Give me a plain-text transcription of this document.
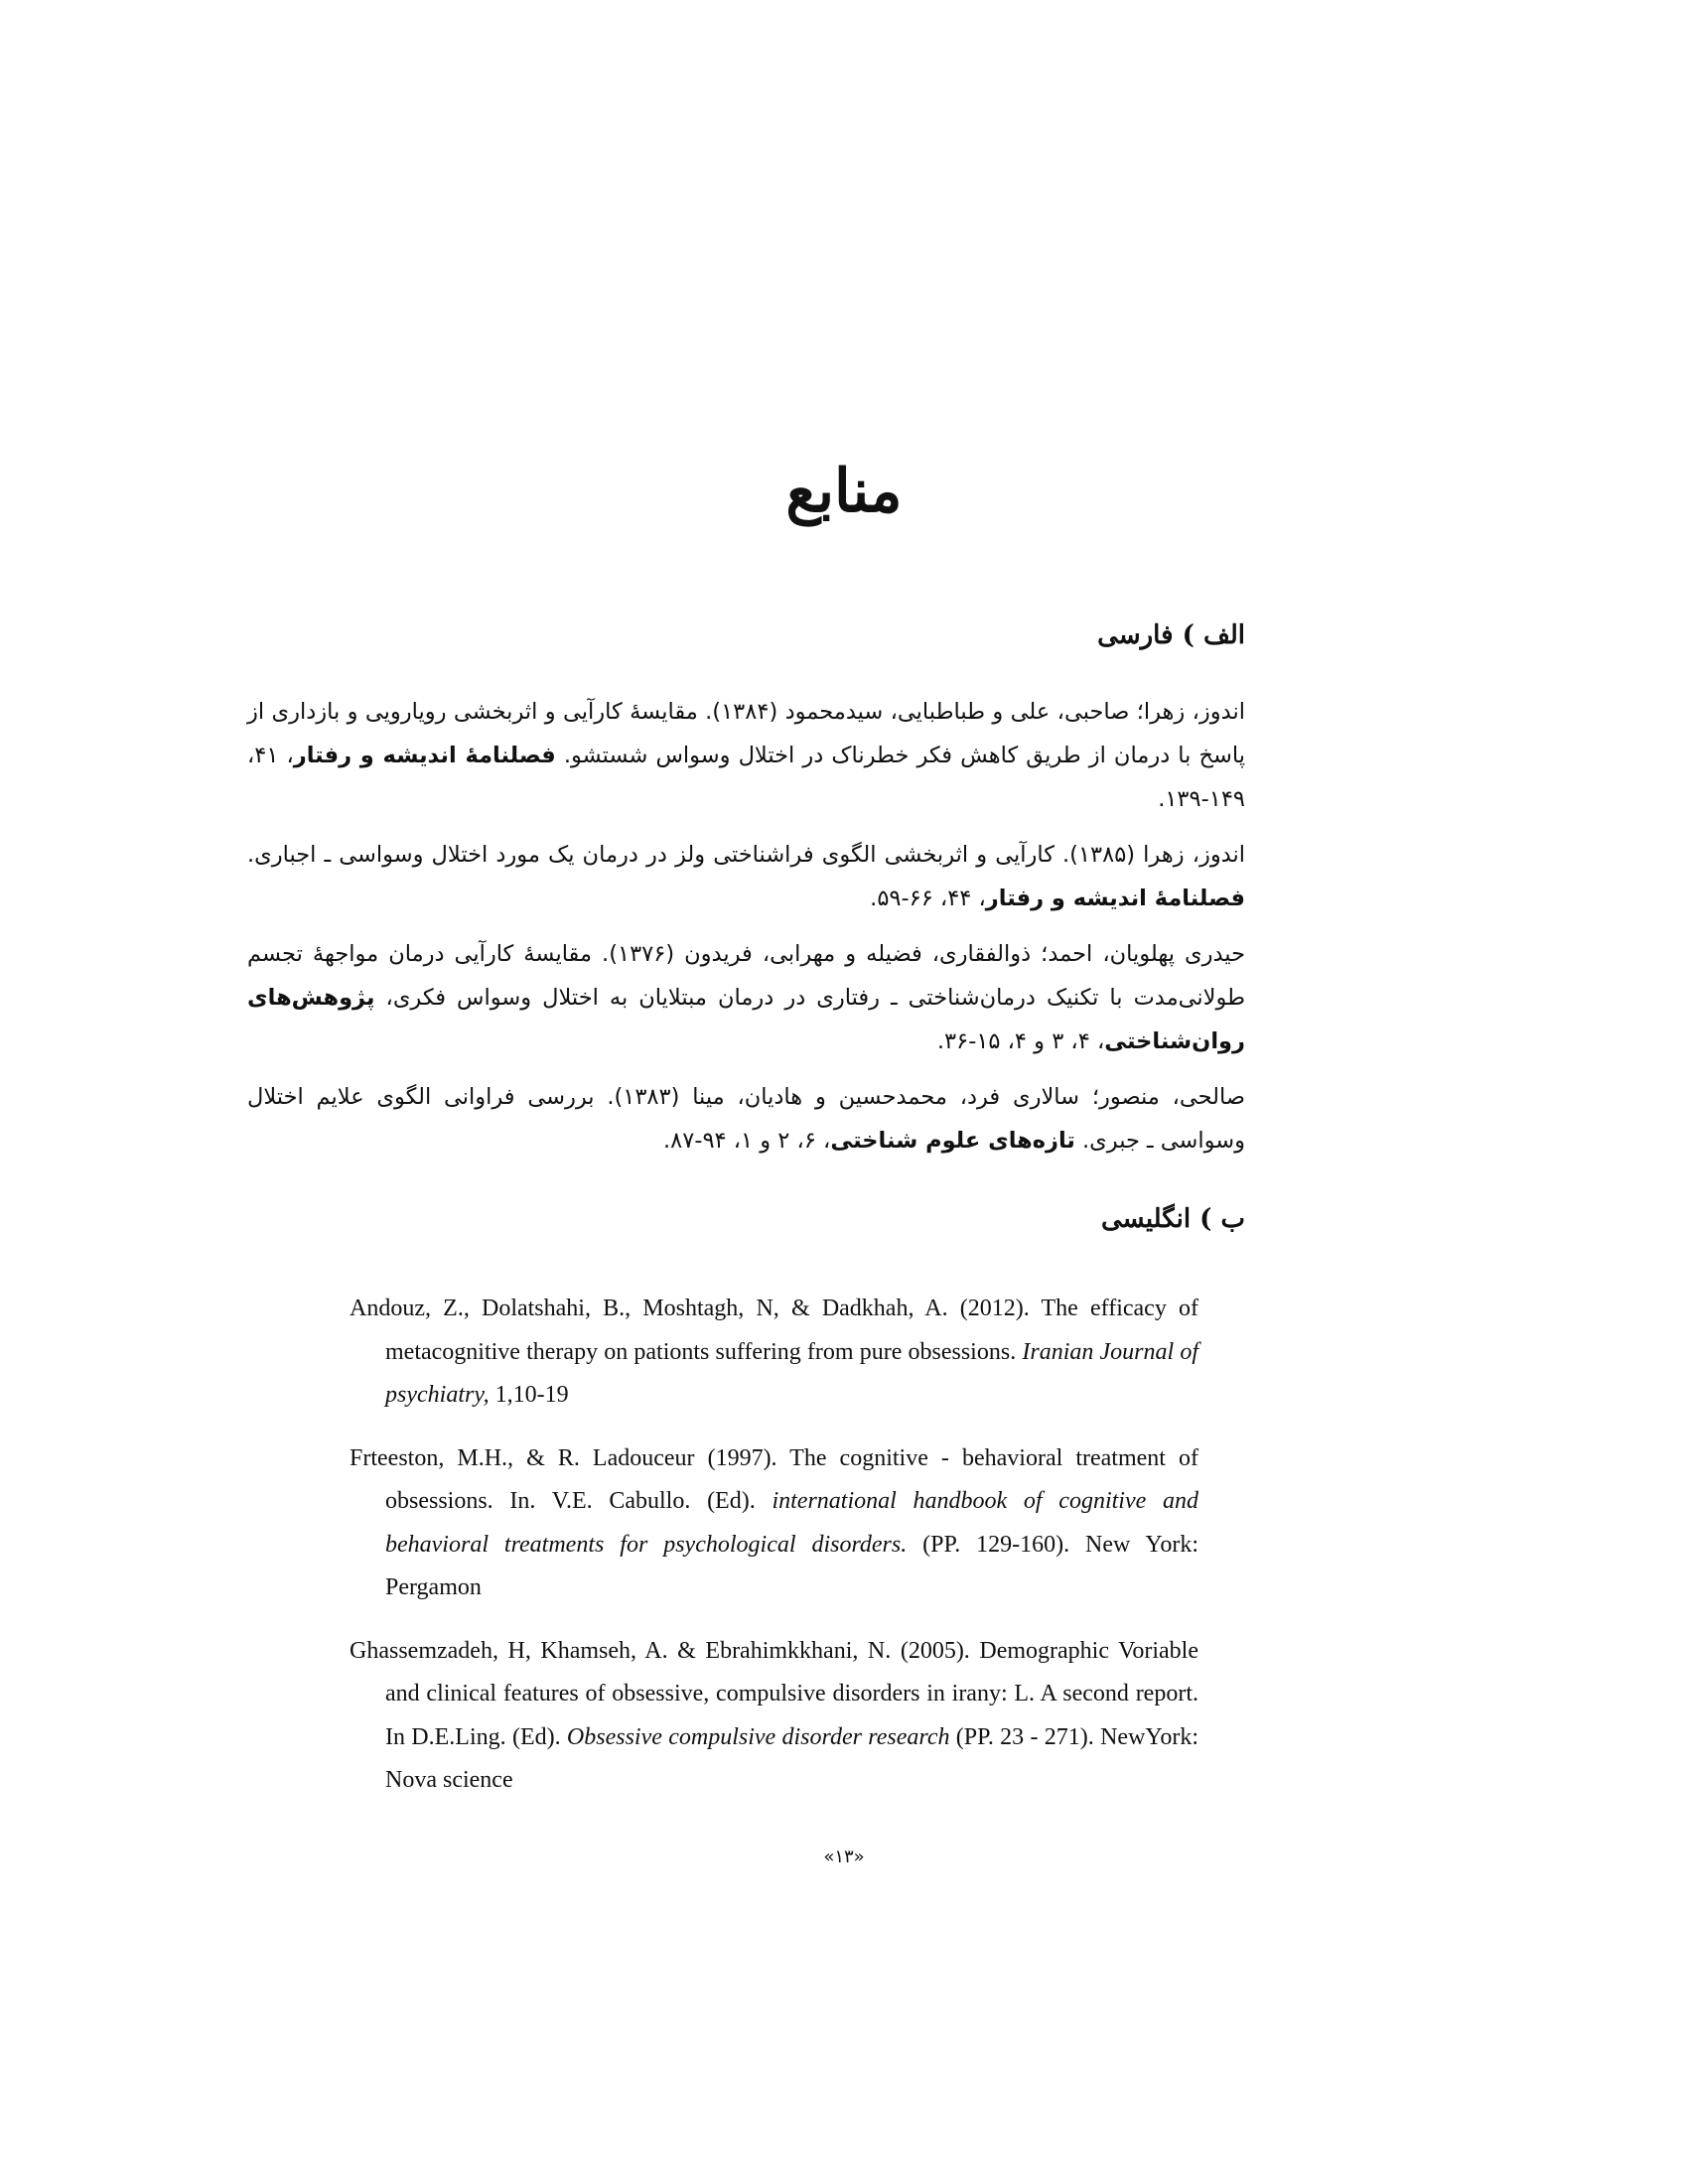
منابع
الف ) فارسی

اندوز، زهرا؛ صاحبی، علی و طباطبایی، سیدمحمود (۱۳۸۴). مقایسهٔ کارآیی و اثربخشی رویارویی و بازداری از پاسخ با درمان از طریق کاهش فکر خطرناک در اختلال وسواس شستشو. فصلنامهٔ اندیشه و رفتار، ۴۱، ۱۴۹-۱۳۹.

اندوز، زهرا (۱۳۸۵). کارآیی و اثربخشی الگوی فراشناختی ولز در درمان یک مورد اختلال وسواسی ـ اجباری. فصلنامهٔ اندیشه و رفتار، ۴۴، ۶۶-۵۹.

حیدری پهلویان، احمد؛ ذوالفقاری، فضیله و مهرابی، فریدون (۱۳۷۶). مقایسهٔ کارآیی درمان مواجههٔ تجسم طولانی‌مدت با تکنیک درمان‌شناختی ـ رفتاری در درمان مبتلایان به اختلال وسواس فکری، پژوهش‌های روان‌شناختی، ۴، ۳ و ۴، ۱۵-۳۶.

صالحی، منصور؛ سالاری فرد، محمدحسین و هادیان، مینا (۱۳۸۳). بررسی فراوانی الگوی علایم اختلال وسواسی ـ جبری. تازه‌های علوم شناختی، ۶، ۲ و ۱، ۹۴-۸۷.

ب ) انگلیسی

Andouz, Z., Dolatshahi, B., Moshtagh, N, & Dadkhah, A. (2012). The efficacy of metacognitive therapy on pationts suffering from pure obsessions. Iranian Journal of psychiatry, 1,10-19

Frteeston, M.H., & R. Ladouceur (1997). The cognitive - behavioral treatment of obsessions. In. V.E. Cabullo. (Ed). international handbook of cognitive and behavioral treatments for psychological disorders. (PP. 129-160). New York: Pergamon

Ghassemzadeh, H, Khamseh, A. & Ebrahimkkhani, N. (2005). Demographic Voriable and clinical features of obsessive, compulsive disorders in irany: L. A second report. In D.E.Ling. (Ed). Obsessive compulsive disorder research (PP. 23 - 271). NewYork: Nova science

«۱۳»
